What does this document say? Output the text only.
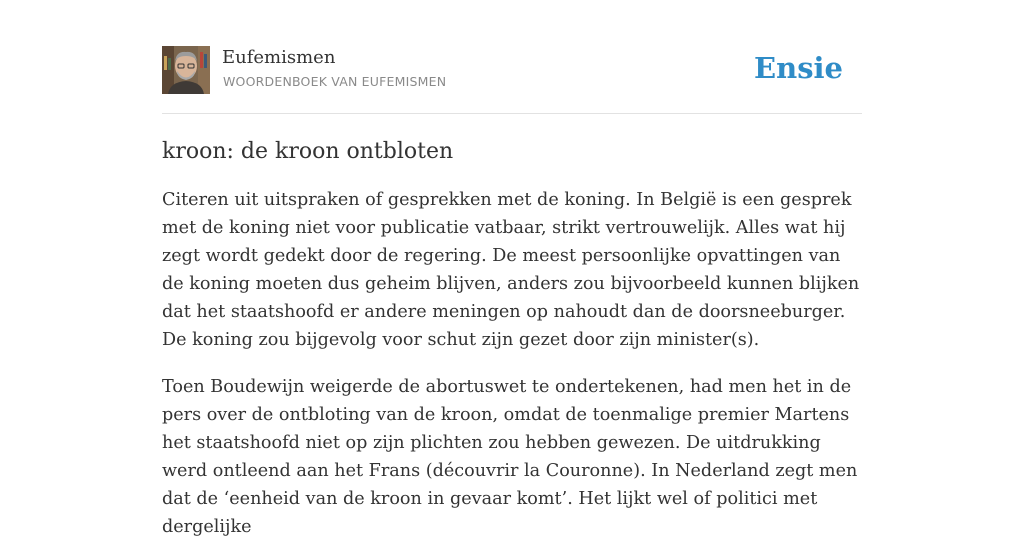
Eufemismen
WOORDENBOEK VAN EUFEMISMEN	Ensie
kroon: de kroon ontbloten

Citeren uit uitspraken of gesprekken met de koning. In België is een gesprek met de koning niet voor publicatie vatbaar, strikt vertrouwelijk. Alles wat hij zegt wordt gedekt door de regering. De meest persoonlijke opvattingen van de koning moeten dus geheim blijven, anders zou bijvoorbeeld kunnen blijken dat het staatshoofd er andere meningen op nahoudt dan de doorsneeburger. De koning zou bijgevolg voor schut zijn gezet door zijn minister(s).

Toen Boudewijn weigerde de abortuswet te ondertekenen, had men het in de pers over de ontbloting van de kroon, omdat de toenmalige premier Martens het staatshoofd niet op zijn plichten zou hebben gewezen. De uitdrukking werd ontleend aan het Frans (découvrir la Couronne). In Nederland zegt men dat de ‘eenheid van de kroon in gevaar komt’. Het lijkt wel of politici met dergelijke
